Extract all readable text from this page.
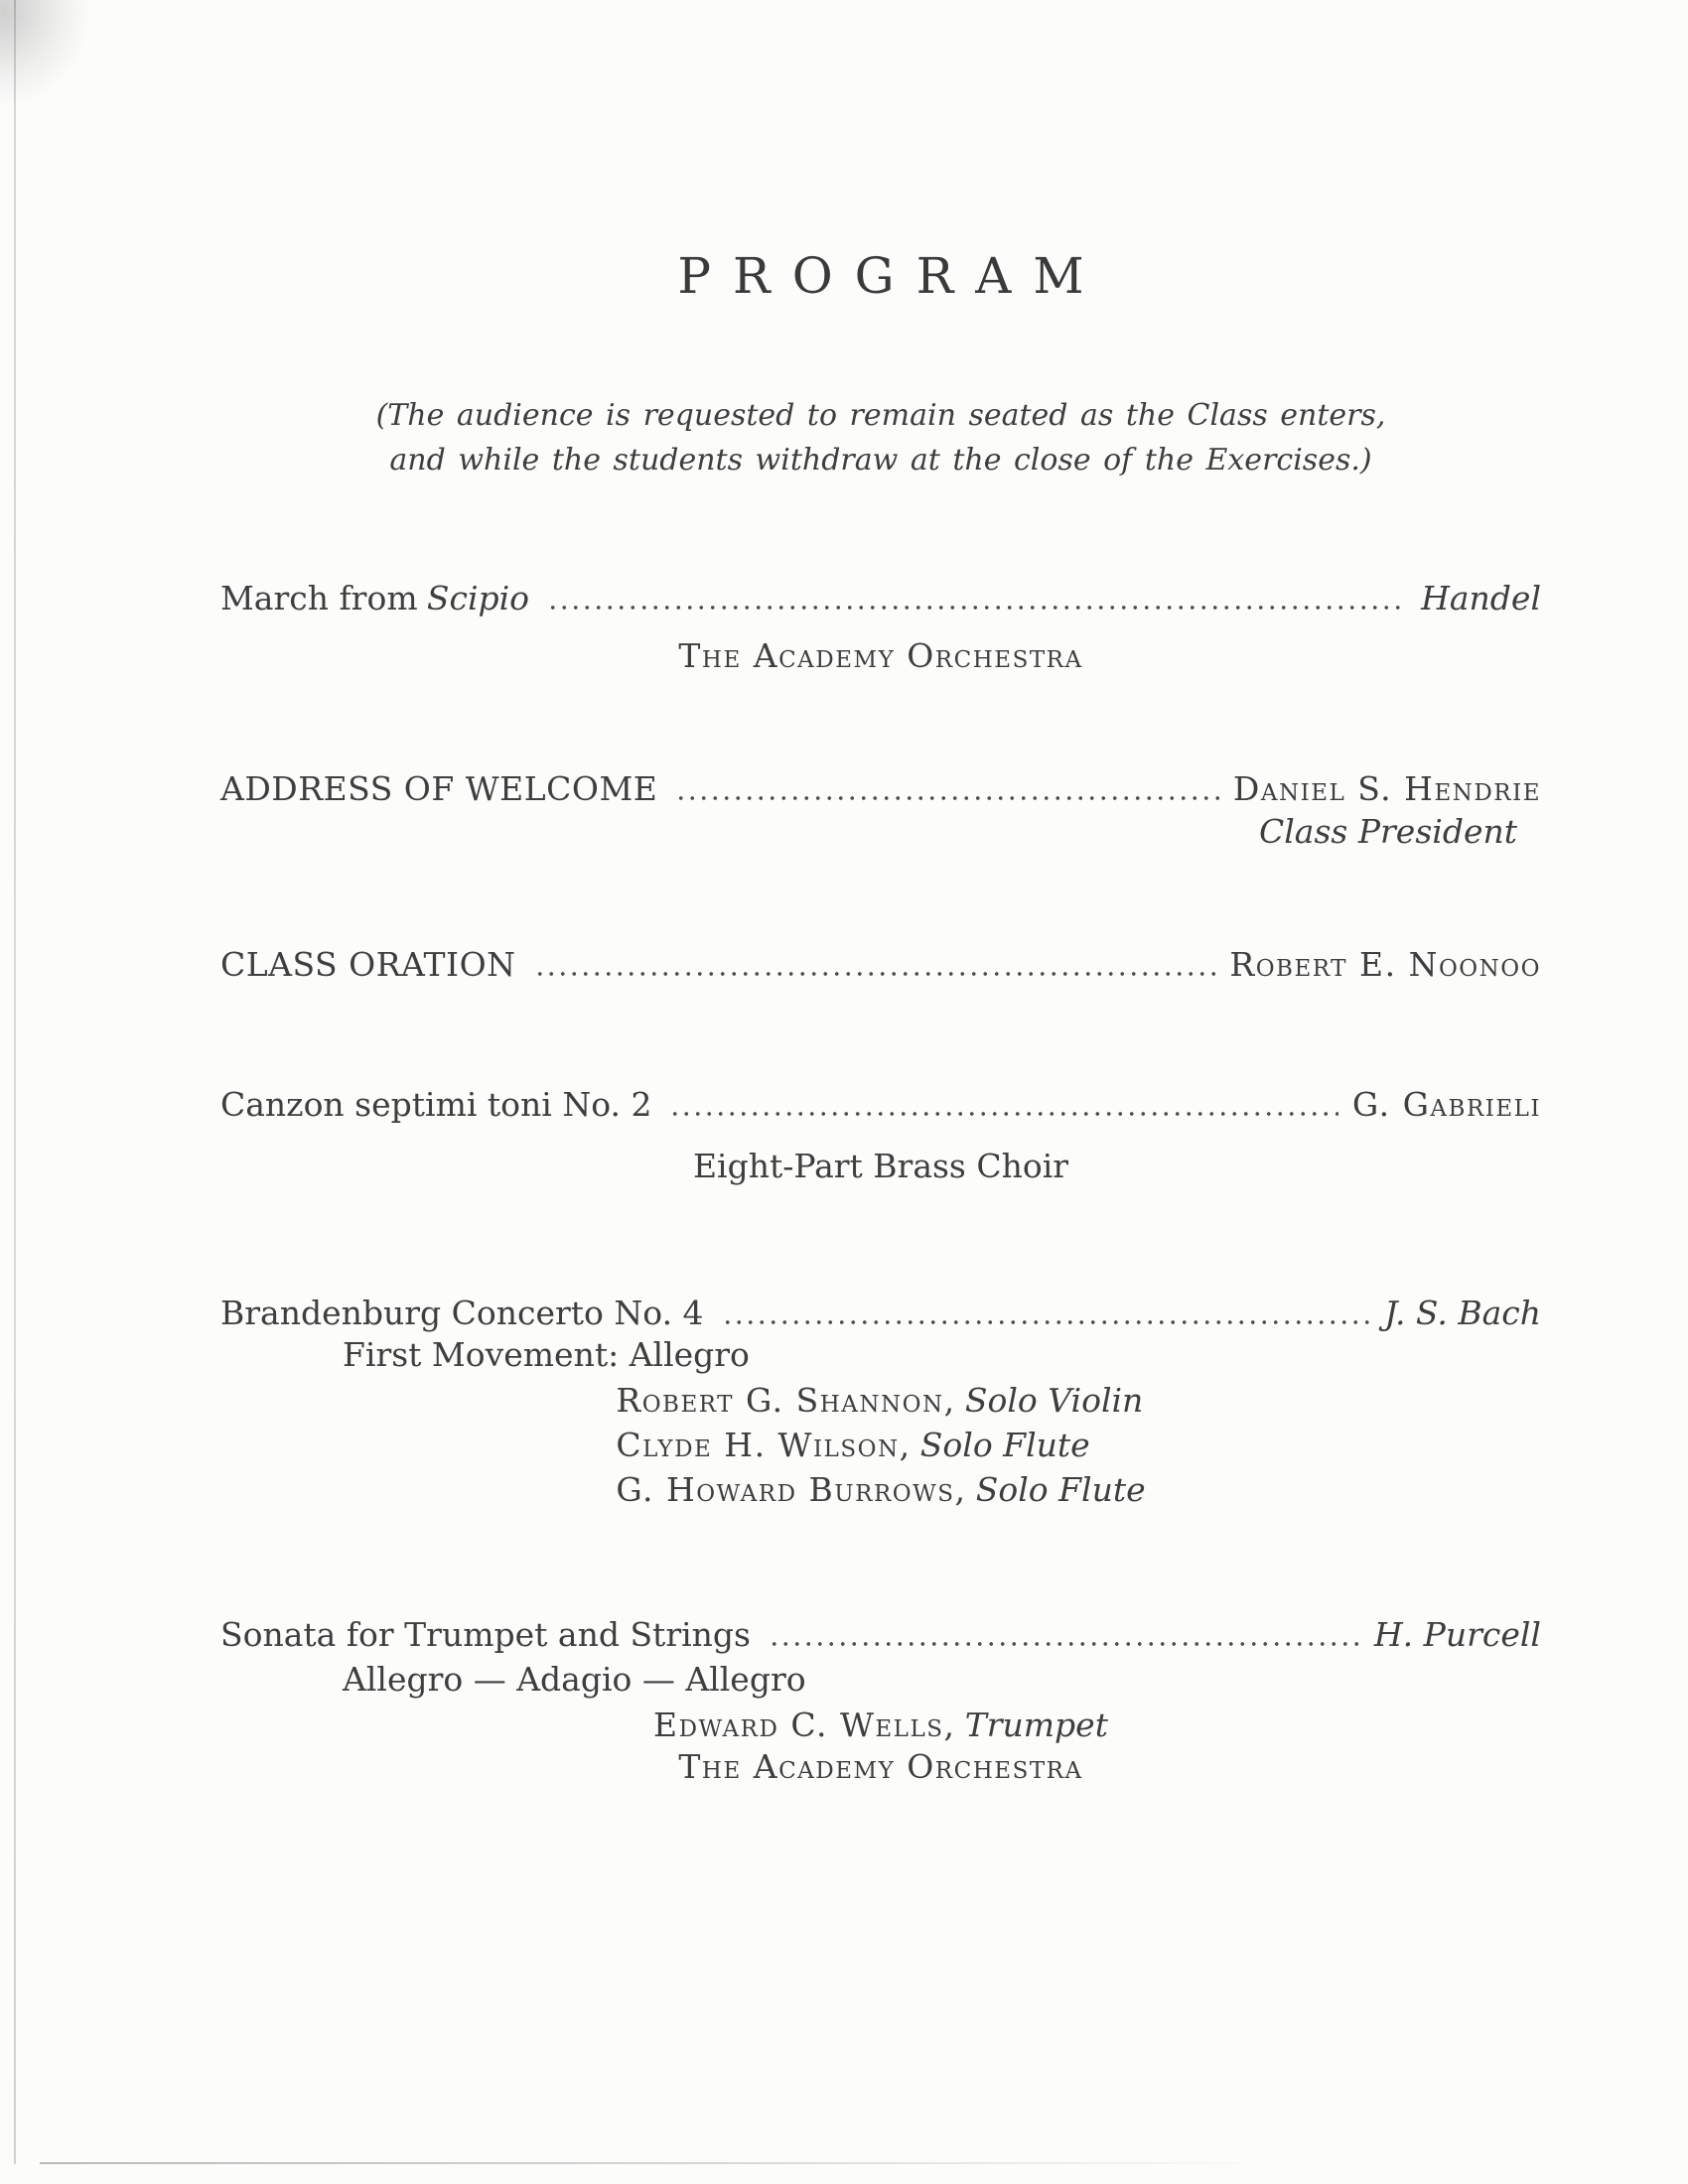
PROGRAM
(The audience is requested to remain seated as the Class enters,
and while the students withdraw at the close of the Exercises.)
March from Scipio	Handel
The Academy Orchestra
ADDRESS OF WELCOME	Daniel S. Hendrie
Class President
CLASS ORATION	Robert E. Noonoo
Canzon septimi toni No. 2	G. Gabrieli
Eight-Part Brass Choir
Brandenburg Concerto No. 4	J. S. Bach
First Movement: Allegro
Robert G. Shannon, Solo Violin
Clyde H. Wilson, Solo Flute
G. Howard Burrows, Solo Flute
Sonata for Trumpet and Strings	H. Purcell
Allegro — Adagio — Allegro
Edward C. Wells, Trumpet
The Academy Orchestra
